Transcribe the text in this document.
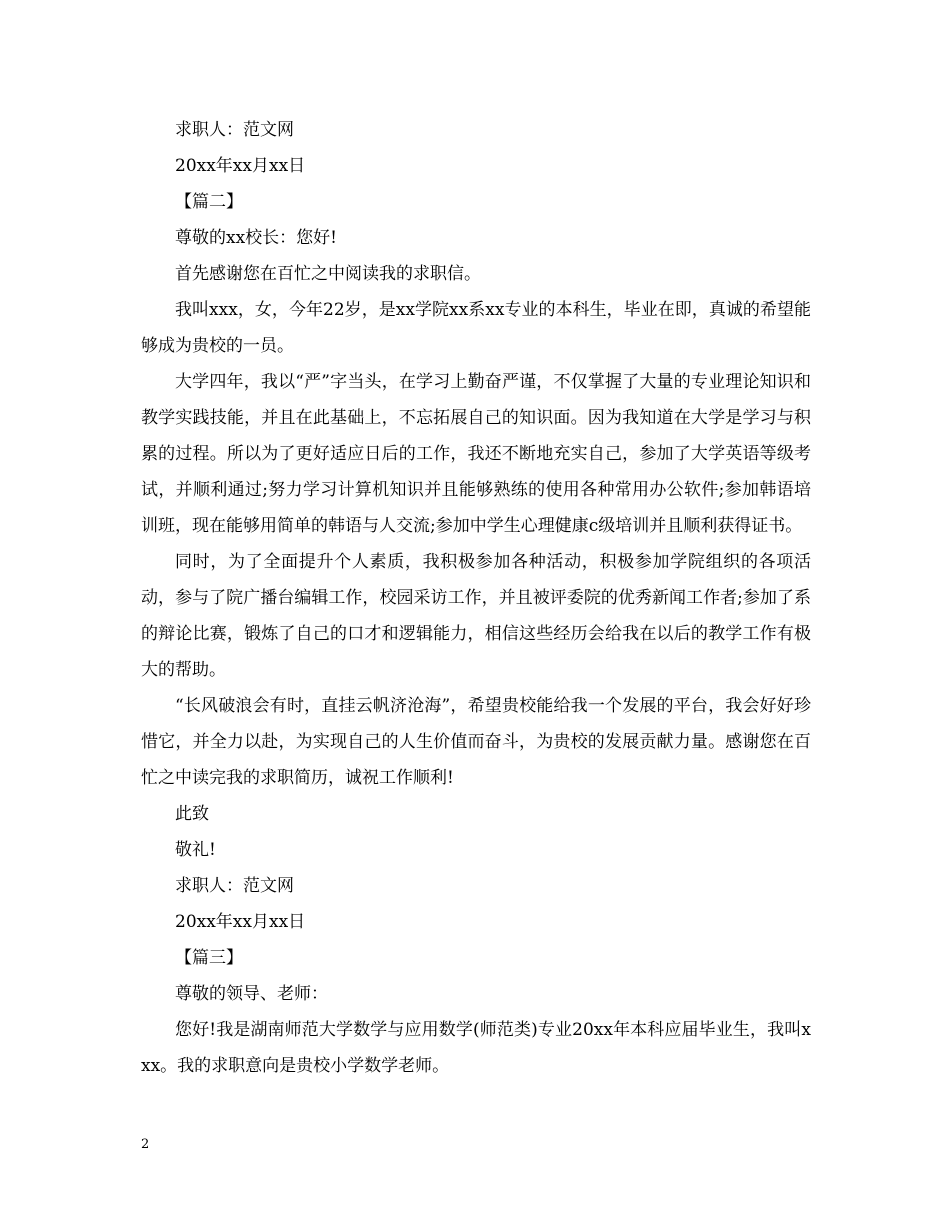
求职人：范文网

20xx年xx月xx日

【篇二】

尊敬的xx校长：您好!

首先感谢您在百忙之中阅读我的求职信。

我叫xxx，女，今年22岁，是xx学院xx系xx专业的本科生，毕业在即，真诚的希望能够成为贵校的一员。

大学四年，我以“严”字当头，在学习上勤奋严谨，不仅掌握了大量的专业理论知识和教学实践技能，并且在此基础上，不忘拓展自己的知识面。因为我知道在大学是学习与积累的过程。所以为了更好适应日后的工作，我还不断地充实自己，参加了大学英语等级考试，并顺利通过;努力学习计算机知识并且能够熟练的使用各种常用办公软件;参加韩语培训班，现在能够用简单的韩语与人交流;参加中学生心理健康c级培训并且顺利获得证书。

同时，为了全面提升个人素质，我积极参加各种活动，积极参加学院组织的各项活动，参与了院广播台编辑工作，校园采访工作，并且被评委院的优秀新闻工作者;参加了系的辩论比赛，锻炼了自己的口才和逻辑能力，相信这些经历会给我在以后的教学工作有极大的帮助。

“长风破浪会有时，直挂云帆济沧海”，希望贵校能给我一个发展的平台，我会好好珍惜它，并全力以赴，为实现自己的人生价值而奋斗，为贵校的发展贡献力量。感谢您在百忙之中读完我的求职简历，诚祝工作顺利!

此致

敬礼!

求职人：范文网

20xx年xx月xx日

【篇三】

尊敬的领导、老师：

您好!我是湖南师范大学数学与应用数学(师范类)专业20xx年本科应届毕业生，我叫xxx。我的求职意向是贵校小学数学老师。

2
